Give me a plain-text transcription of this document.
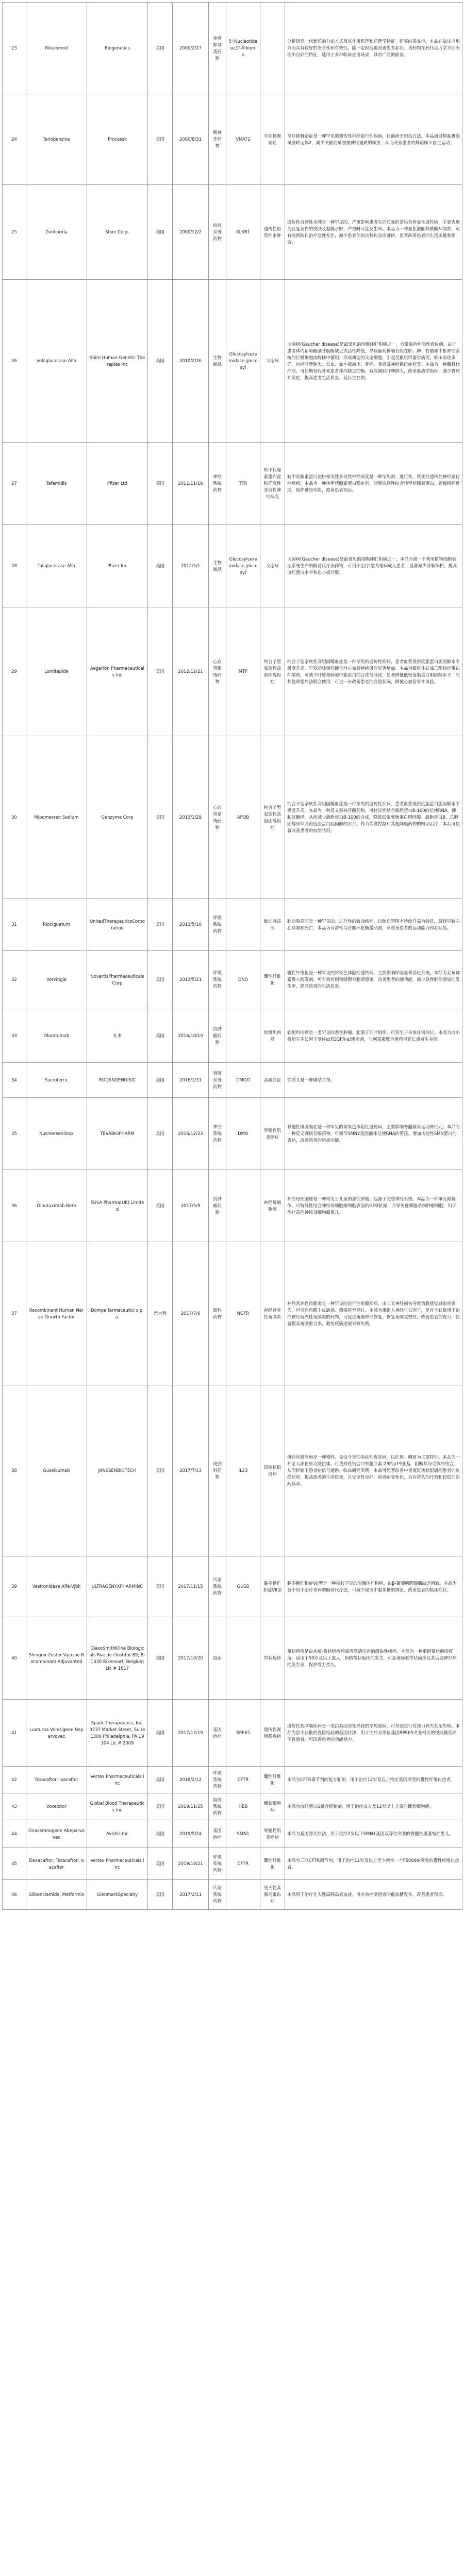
23	Riluzomod	Biogenetics	英国	2000/2/27	免疫抑制类药物	5'-Nucleotidase,5'-Albumin		分析研究一代新药的分泌方式及其作用机理和药理学特征。研究结果显示，本品在临床应用方面具有较好的安全性和有效性，能一定程度地改善患者症状。该药物在药代动力学方面表现出良好的特征，适用于多种临床应用场景，具有广泛的前景。
24	Teriobenzine	Processk	美国	2000/8/31	精神类药物	VMAT2	亨廷顿舞蹈症	亨廷顿舞蹈症是一种罕见的遗传性神经退行性疾病，目前尚无根治方法。本品通过抑制囊泡单胺转运体2，减少突触前单胺类神经递质的释放，从而改善患者的舞蹈样不自主运动。
25	Zoriliorida	Shire Corp.	美国	2000/12/2	血液系统药物	KLKB1	遗传性血管性水肿	遗传性血管性水肿是一种罕见的、严重影响患者生活质量的常染色体显性遗传病，主要表现为反复发作的皮肤及黏膜水肿，严重时可危及生命。本品为一种血浆激肽释放酶抑制剂，可有效预防和治疗急性发作，减少患者住院次数和急诊就诊，显著改善患者的生活质量和预后。
26	Velaglucerase Alfa	Shire Human Genetic Therapies Inc	美国	2010/2/26	生物制品	Glucosylceramidase,glucosyl	戈谢病	戈谢病(Gaucher disease)是最常见的溶酶体贮积病之一，为常染色体隐性遗传病。由于患者体内葡萄糖脑苷脂酶缺乏或活性降低，导致葡萄糖脑苷脂在肝、脾、骨骼和中枢神经系统的巨噬细胞溶酶体中蓄积，形成典型的戈谢细胞，引起受累组织器官病变。临床表现多样，包括肝脾肿大、贫血、血小板减少、骨痛、骨折及神经系统症状等。本品为一种酶替代疗法，可长期替代补充患者体内缺乏的酶，有效减轻肝脾肿大，改善血液学指标，减少骨骼并发症，提高患者生活质量，延长生存期。
27	Tafamidis	Pfizer Ltd	英国	2011/11/16	神经系统药物	TTR	转甲状腺素蛋白淀粉样变性多发性神经病变	转甲状腺素蛋白淀粉样变性多发性神经病变是一种罕见的、进行性、致死性遗传性神经退行性疾病。本品为一种转甲状腺素蛋白稳定剂，能够选择性结合转甲状腺素蛋白，延缓疾病进展，保护神经功能，改善患者预后。
28	Taliglucerase Alfa	Pfizer Inc	美国	2012/5/1	生物制品	Glucosylceramidase,glucosyl	戈谢病	戈谢病(Gaucher disease)是最常见的溶酶体贮积病之一。本品为第一个利用植物细胞表达系统生产的酶替代疗法药物，可用于治疗I型戈谢病成人患者，显著减少肝脾体积，提高血红蛋白水平和血小板计数。
29	Lomitapide	Aegerion Pharmaceuticals Inc	美国	2012/12/21	心血管系统药物	MTP	纯合子型家族性高胆固醇血症	纯合子型家族性高胆固醇血症是一种罕见的遗传性疾病，患者血浆低密度脂蛋白胆固醇水平极度升高，早发动脉粥样硬化性心血管疾病风险显著增加。本品为微粒体甘油三酯转运蛋白抑制剂，可减少肝脏和肠道中脂蛋白的合成与分泌，显著降低低密度脂蛋白胆固醇水平，与其他降脂疗法联合使用，可进一步改善患者的血脂状况，降低心血管事件风险。
30	Mipomersen Sodium	Genzyme Corp	美国	2013/1/29	心血管系统药物	APOB	纯合子型家族性高胆固醇血症	纯合子型家族性高胆固醇血症是一种罕见的遗传性疾病，患者血浆低密度脂蛋白胆固醇水平极度升高。本品为一种反义寡核苷酸药物，可特异性结合载脂蛋白B-100的信使RNA，抑制其翻译，从而减少载脂蛋白B-100的合成，降低低密度脂蛋白胆固醇、载脂蛋白B、总胆固醇和非高密度脂蛋白胆固醇的水平。作为饮食控制和其他降脂药物的辅助治疗，本品可显著改善患者的血脂状况。
31	Riociguatum	UnitedTherapeuticsCorporation	美国	2013/5/10	呼吸系统药物		肺动脉高压	肺动脉高压是一种罕见的、进行性的致命疾病，以肺血管阻力持续升高为特征，最终导致右心衰竭和死亡。本品为可溶性鸟苷酸环化酶激动剂，可改善患者的运动能力和心功能。
32	Vorvingle	NovartisPharmaceuticalsCorp	美国	2013/5/21	呼吸系统药物	DNO	囊性纤维化	囊性纤维化是一种罕见的常染色体隐性遗传病，主要影响呼吸道和消化系统。本品为妥布霉素吸入粉雾剂，可有效控制铜绿假单胞菌感染，改善患者的肺功能，减少急性肺部感染的发生率，提高患者的生活质量。
33	Olaratumab	礼来	美国	2016/10/19	抗肿瘤药物		软组织肉瘤	软组织肉瘤是一类罕见的恶性肿瘤，起源于间叶组织，可发生于身体任何部位。本品为血小板衍生生长因子受体α(PDGFR-α)阻断剂，与阿霉素联合用药可延长患者生存期。
34	Sucroferric	RODANDENGISIC	美国	2016/1/31	肾脏系统药物	DMOO	高磷血症	铁质儿是一种磷结合剂。
35	Nusinersenlinox	TEVABIOPHARM	美国	2016/12/23	神经系统药物	DMO	脊髓性肌萎缩症	脊髓性肌萎缩症是一种罕见的常染色体隐性遗传病，主要影响脊髓前角运动神经元。本品为一种反义寡核苷酸药物，可调节SMN2基因前体信使RNA的剪接，增加功能性SMN蛋白的表达，改善患者的运动功能。
36	Dinutuximab Beta	EUSA Pharma(UK) Limited	英国	2017/5/8	抗肿瘤药物		神经母细胞瘤	神经母细胞瘤是一种常见于儿童的恶性肿瘤，起源于交感神经系统。本品为一种单克隆抗体，可特异性结合神经母细胞瘤细胞表面的GD2抗原，介导免疫细胞杀伤肿瘤细胞，用于治疗高危神经母细胞瘤患儿。
37	Recombinant Human Nerve Growth Factor	Dompe farmaceutici s.p.a.	意大利	2017/7/6	眼科药物	NGFR	神经营养性角膜炎	神经营养性角膜炎是一种罕见的退行性角膜疾病，由三叉神经损伤导致角膜感觉减退或丧失，可引起角膜上皮缺损、溃疡甚至穿孔。本品为重组人神经生长因子，是首个获批用于治疗神经营养性角膜炎的药物，可促进角膜神经修复，恢复角膜完整性，改善患者的视力，显著提高角膜愈合率，避免疾病进展导致失明。
38	Guselkumab	JANSSENBIOTECH	美国	2017/7/13	皮肤科药物	IL23	斑块状银屑病	斑块状银屑病是一种慢性、免疫介导的炎症性皮肤病，以红斑、鳞屑为主要特征。本品为一种全人源化单克隆抗体，可选择性结合白细胞介素-23的p19亚基，阻断其与受体的结合，从而抑制下游炎症信号通路。临床研究表明，本品可显著改善中重度斑块状银屑病患者的皮损症状，提高患者的生活质量，且安全性良好，患者耐受性佳，具有持久的疗效和较低的给药频率。
39	Vestronidase Alfa-Vjbk	ULTRAGENYXPHARMINC	美国	2017/11/15	代谢系统药物	GUSB	黏多糖贮积症VII型	黏多糖贮积症VII型是一种极其罕见的溶酶体贮积病，由β-葡萄糖醛酸酶缺乏所致。本品为首个用于治疗该病的酶替代疗法，可减少尿液中黏多糖的排泄，改善患者的临床症状。
40	Shingrix Zoster Vaccine Recombinant,Adjuvanted	GlaxoSmithKline Biologicals Rue de l'Institut 89, B-1330 Rixensart, Belgium Lic # 1617	美国	2017/10/20	疫苗		带状疱疹	带状疱疹是由水痘-带状疱疹病毒再激活引起的感染性疾病。本品为一种重组带状疱疹疫苗，适用于50岁及以上成人，预防带状疱疹的发生，可显著降低带状疱疹及其后遗神经痛的发生率，保护效力持久。
41	Luxturna Voretigene Neparvovec	Spark Therapeutics, Inc. 3737 Market Street, Suite 1300 Philadelphia, PA 19104 Lic # 2009	美国	2017/12/19	基因治疗	RPE65	遗传性视网膜疾病	遗传性视网膜疾病是一类由基因突变导致的罕见眼病，可导致进行性视力丧失甚至失明。本品为首个获批的直接给药的基因疗法，用于治疗双等位基因RPE65突变相关的视网膜营养不良患者，可改善患者的功能视力。
42	Tezacaftor; Ivacaftor	Vertex Pharmaceuticals Inc	美国	2018/2/12	呼吸系统药物	CFTR	囊性纤维化	本品为CFTR调节剂的复方制剂，用于治疗12岁及以上特定基因突变的囊性纤维化患者。
43	Voxelotor	Global Blood Therapeutics Inc	美国	2019/11/25	血液系统药物	HBB	镰状细胞病	本品为血红蛋白S聚合抑制剂，用于治疗成人及12岁以上儿童的镰状细胞病。
44	Onasemnogene Abeparvovec	AveXis Inc	美国	2019/5/24	基因治疗	SMN1	脊髓性肌萎缩症	本品为基因替代疗法，用于治疗2岁以下SMN1基因双等位突变的脊髓性肌萎缩症患儿。
45	Elexacaftor; Tezacaftor; Ivacaftor	Vertex Pharmaceuticals Inc	美国	2019/10/21	呼吸系统药物	CFTR	囊性纤维化	本品为三联CFTR调节剂，用于治疗12岁及以上至少携带一个F508del突变的囊性纤维化患者。
46	Glibenclamide; Metformin	GlenmarkSpecialty	美国	2017/2/11	代谢系统药物		先天性高胰岛素血症	本品用于治疗先天性高胰岛素血症，可有效控制患者的低血糖发作，改善患者预后。
